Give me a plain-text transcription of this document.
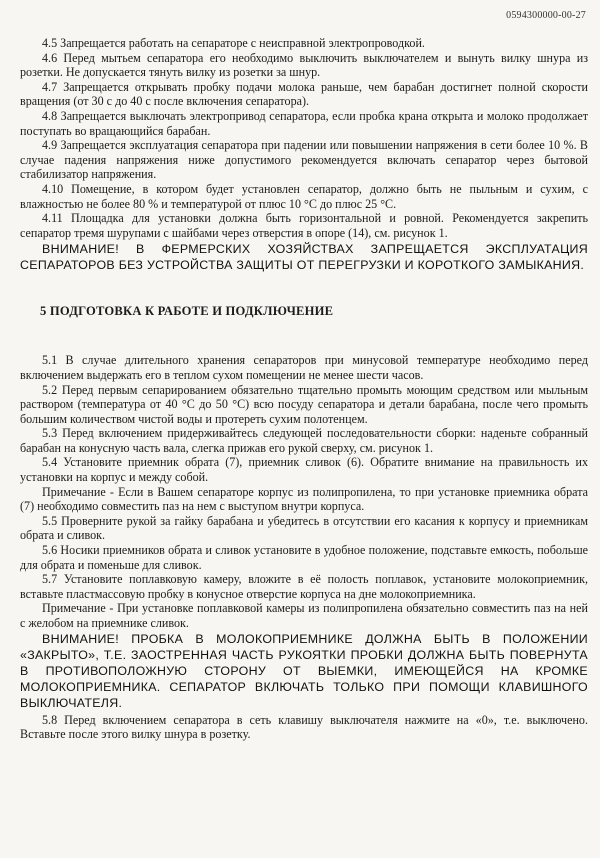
0594300000-00-27

4.5 Запрещается работать на сепараторе с неисправной электропроводкой.

4.6 Перед мытьем сепаратора его необходимо выключить выключателем и вынуть вилку шнура из розетки. Не допускается тянуть вилку из розетки за шнур.

4.7 Запрещается открывать пробку подачи молока раньше, чем барабан достигнет полной скорости вращения (от 30 с до 40 с после включения сепаратора).

4.8 Запрещается выключать электропривод сепаратора, если пробка крана открыта и молоко продолжает поступать во вращающийся барабан.

4.9 Запрещается эксплуатация сепаратора при падении или повышении напряжения в сети более 10 %. В случае падения напряжения ниже допустимого рекомендуется включать сепаратор через бытовой стабилизатор напряжения.

4.10 Помещение, в котором будет установлен сепаратор, должно быть не пыльным и сухим, с влажностью не более 80 % и температурой от плюс 10 °С до плюс 25 °С.

4.11 Площадка для установки должна быть горизонтальной и ровной. Рекомендуется закрепить сепаратор тремя шурупами с шайбами через отверстия в опоре (14), см. рисунок 1.

ВНИМАНИЕ! В ФЕРМЕРСКИХ ХОЗЯЙСТВАХ ЗАПРЕЩАЕТСЯ ЭКСПЛУАТАЦИЯ СЕПАРАТОРОВ БЕЗ УСТРОЙСТВА ЗАЩИТЫ ОТ ПЕРЕГРУЗКИ И КОРОТКОГО ЗАМЫКАНИЯ.

5 ПОДГОТОВКА К РАБОТЕ И ПОДКЛЮЧЕНИЕ

5.1 В случае длительного хранения сепараторов при минусовой температуре необходимо перед включением выдержать его в теплом сухом помещении не менее шести часов.

5.2 Перед первым сепарированием обязательно тщательно промыть моющим средством или мыльным раствором (температура от 40 °С до 50 °С) всю посуду сепаратора и детали барабана, после чего промыть большим количеством чистой воды и протереть сухим полотенцем.

5.3 Перед включением придерживайтесь следующей последовательности сборки: наденьте собранный барабан на конусную часть вала, слегка прижав его рукой сверху, см. рисунок 1.

5.4 Установите приемник обрата (7), приемник сливок (6). Обратите внимание на правильность их установки на корпус и между собой.

Примечание - Если в Вашем сепараторе корпус из полипропилена, то при установке приемника обрата (7) необходимо совместить паз на нем с выступом внутри корпуса.

5.5 Проверните рукой за гайку барабана и убедитесь в отсутствии его касания к корпусу и приемникам обрата и сливок.

5.6 Носики приемников обрата и сливок установите в удобное положение, подставьте емкость, побольше для обрата и поменьше для сливок.

5.7 Установите поплавковую камеру, вложите в её полость поплавок, установите молокоприемник, вставьте пластмассовую пробку в конусное отверстие корпуса на дне молокоприемника.

Примечание - При установке поплавковой камеры из полипропилена обязательно совместить паз на ней с желобом на приемнике сливок.

ВНИМАНИЕ! ПРОБКА В МОЛОКОПРИЕМНИКЕ ДОЛЖНА БЫТЬ В ПОЛОЖЕНИИ «ЗАКРЫТО», Т.Е. ЗАОСТРЕННАЯ ЧАСТЬ РУКОЯТКИ ПРОБКИ ДОЛЖНА БЫТЬ ПОВЕРНУТА В ПРОТИВОПОЛОЖНУЮ СТОРОНУ ОТ ВЫЕМКИ, ИМЕЮЩЕЙСЯ НА КРОМКЕ МОЛОКОПРИЕМНИКА. СЕПАРАТОР ВКЛЮЧАТЬ ТОЛЬКО ПРИ ПОМОЩИ КЛАВИШНОГО ВЫКЛЮЧАТЕЛЯ.

5.8 Перед включением сепаратора в сеть клавишу выключателя нажмите на «0», т.е. выключено. Вставьте после этого вилку шнура в розетку.
